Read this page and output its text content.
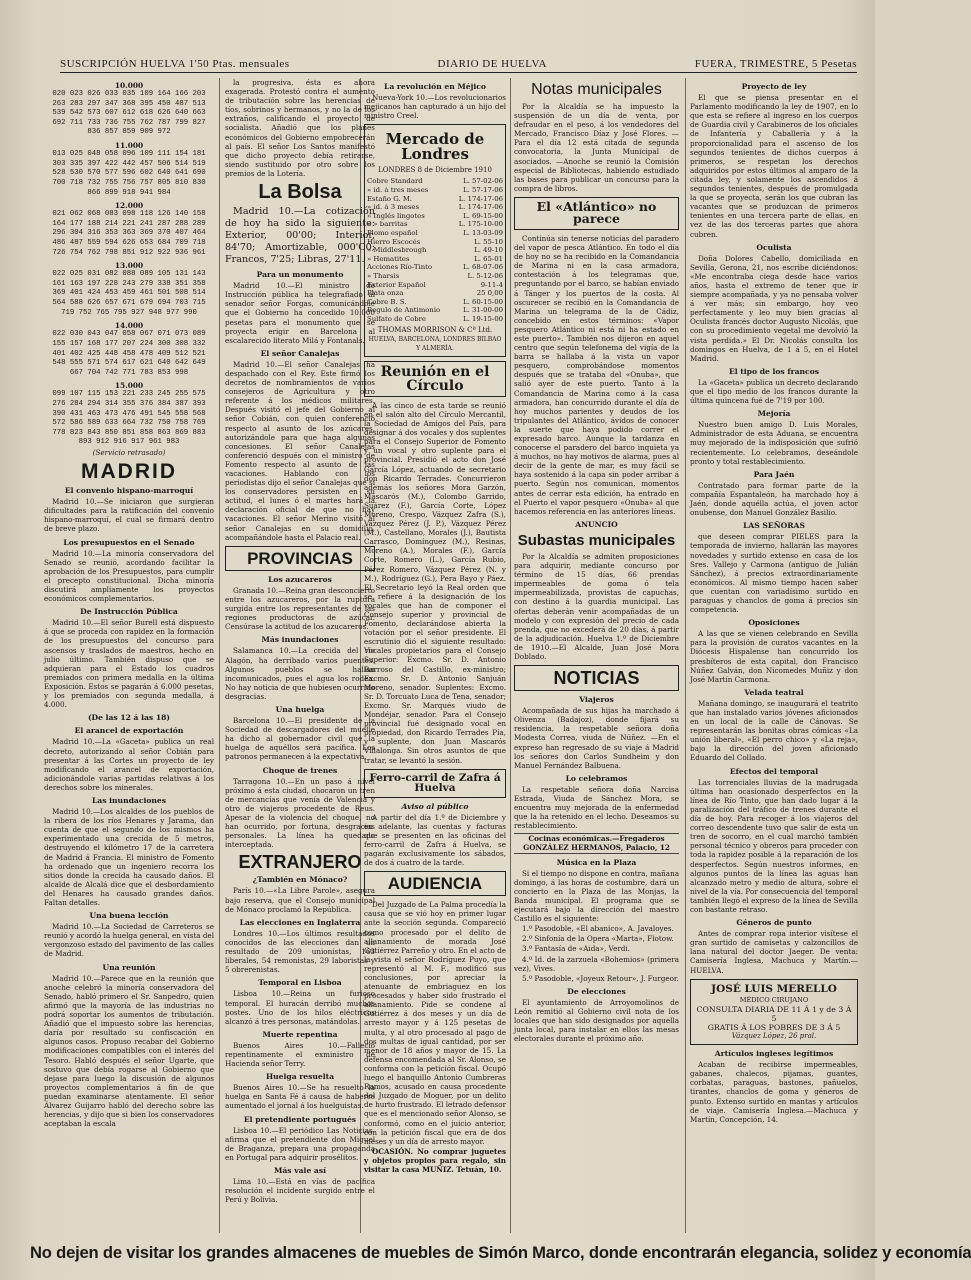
SUSCRIPCIÓN HUELVA 1'50 Ptas. mensuales	DIARIO DE HUELVA	FUERA, TRIMESTRE, 5 Pesetas
10.000
020 023 026 033 035 109 164 166 203
263 283 297 347 368 395 450 487 513
539 542 573 607 612 618 626 640 663
692 711 733 736 755 762 787 799 827
836 857 859 909 972
11.000
013 025 048 058 096 109 111 154 181
303 335 397 422 442 457 506 514 519
528 530 570 577 596 602 640 641 690
700 718 732 755 756 757 805 810 830
866 899 918 941 984
12.000
021 062 068 083 098 118 126 140 158
164 177 188 214 221 241 287 288 289
296 304 316 353 363 369 370 407 464
486 487 559 594 626 653 684 709 718
726 754 762 798 851 912 922 936 961
13.000
022 025 031 082 088 089 105 131 143
161 163 197 228 243 279 338 351 358
369 401 424 453 459 461 501 508 514
564 588 626 657 671 679 694 703 715
719 752 765 795 927 948 977 990
14.000
022 030 043 047 058 067 071 073 089
155 157 168 177 207 224 300 308 332
401 402 425 448 458 478 409 512 521
548 555 571 574 617 621 640 642 649
667 704 742 771 783 853 998
15.000
099 107 115 153 221 233 245 255 575
276 284 294 314 355 376 384 387 393
390 431 463 473 476 491 545 558 568
572 586 589 633 664 732 750 758 769
778 823 843 850 851 858 863 869 883
893 912 916 917 961 983

(Servicio retrasado)

MADRID
El convenio hispano-marroquí

Madrid 10.—Se iniciaron que surgieran dificultades para la ratificación del convenio hispano-marroquí, el cual se firmará dentro de breve plazo.

Los presupuestos en el Senado

Madrid 10.—La minoría conservadora del Senado se reunió, acordando facilitar la aprobación de los Presupuestos, para cumplir el precepto constitucional. Dicha minoría discutirá ampliamente los proyectos económicos complementarios.

De Instrucción Pública

Madrid 10.—El señor Burell está dispuesto á que se proceda con rapidez en la formación de los presupuestos del concurso para ascensos y traslados de maestros, hecho en julio último. También dispuso que se adquieran para el Estado los cuadros premiados con primera medalla en la última Exposición. Estos se pagarán á 6.000 pesetas, y los premiados con segunda medalla, á 4.000.

(De las 12 á las 18)
El arancel de exportación

Madrid 10.—La «Gaceta» publica un real decreto, autorizando al señor Cobián para presentar á las Cortes un proyecto de ley modificando el arancel de exportación, adicionándole varias partidas relativas á los derechos sobre los minerales.

Las inundaciones

Madrid 10.—Los alcaldes de los pueblos de la ribera de los ríos Henares y Jarama, dan cuenta de que el segundo de los mismos ha experimentado una crecida de 5 metros, destruyendo el kilómetro 17 de la carretera de Madrid á Francia. El ministro de Fomento ha ordenado que un ingeniero recorra los sitios donde la crecida ha causado daños. El alcalde de Alcalá dice que el desbordamiento del Henares ha causado grandes daños. Faltan detalles.

Una buena lección

Madrid 10.—La Sociedad de Carreteros se reunió y acordó la huelga general, en vista del vergonzoso estado del pavimento de las calles de Madrid.

Una reunión

Madrid 10.—Parece que en la reunión que anoche celebró la minoría conservadora del Senado, habló primero el Sr. Sanpedro, quien afirmó que la mayoría de las industrias no podrá soportar los aumentos de tributación. Añadió que el impuesto sobre las herencias, daría por resultado su confiscación en algunos casos. Propuso recabar del Gobierno modificaciones compatibles con el interés del Tesoro. Habló después el señor Ugarte, que sostuvo que debía rogarse al Gobierno que dejase para luego la discusión de algunos proyectos complementarios á fin de que puedan examinarse atentamente. El señor Álvarez Guijarro habló del derecho sobre las herencias, y dijo que si bien los conservadores aceptaban la escala

la progresiva, ésta es ahora exagerada. Protestó contra el aumento de tributación sobre las herencias de tíos, sobrinos y hermanos, y no la de los extraños, calificando el proyecto de socialista. Añadió que los planes económicos del Gobierno empobrecerán al país. El señor Los Santos manifestó que dicho proyecto debía retirarse, siendo sustituido por otro sobre los premios de la Lotería.

La Bolsa

Madrid 10.—La cotización de hoy ha sido la siguiente: Exterior, 00'00; Interior, 84'70; Amortizable, 000'C0; Francos, 7'25; Libras, 27'11.

Para un monumento

Madrid 10.—El ministro de Instrucción pública ha telegrafiado al senador señor Forgas, comunicándole que el Gobierno ha concedido 10.000 pesetas para el monumento que se proyecta erigir en Barcelona al escalarecido literato Milá y Fontanals.

El señor Canalejas

Madrid 10.—El señor Canalejas ha despachado con el Rey. Este firmó los decretos de nombramientos de varios consejeros de Agricultura y otro referente á los médicos militares. Después visitó el jefe del Gobierno al señor Cobián, con quien conferenció respecto al asunto de los azúcares, autorizándole para que haga algunas concesiones. El señor Canalejas conferenció después con el ministro de Fomento respecto al asunto de las vacaciones. Hablando con los periodistas dijo el señor Canalejas que si los conservadores persisten en su actitud, el lunes ó el martes hará la declaración oficial de que no hay vacaciones. El señor Merino visitó al señor Canalejas en su domicilio, acompañándole hasta el Palacio real.

PROVINCIAS
Los azucareros

Granada 10.—Reina gran desconcierto entre los azucareros, por la ruptura surgida entre los representantes de las regiones productoras de azúcar. Censúrase la actitud de los azucareros.

Más inundaciones

Salamanca 10.—La crecida del río Alagón, ha derribado varios puentes. Algunos pueblos se hallan incomunicados, pues el agua los rodea. No hay noticia de que hubiesen ocurrido desgracias.

Una huelga

Barcelona 10.—El presidente de la Sociedad de descargadores del muelle ha dicho al gobernador civil que la huelga de aquéllos será pacífica. Los patronos permanecen á la expectativa.

Choque de trenes

Tarragona 10.—En un paso á nivel próximo á esta ciudad, chocaron un tren de mercancías que venía de Valencia y otro de viajeros procedente de Reus. Apesar de la violencia del choque, no han ocurrido, por fortuna, desgracias personales. La línea ha quedado interceptada.

EXTRANJERO
¿También en Mónaco?

París 10.—«La Libre Parole», asegura bajo reserva, que el Consejo municipal de Mónaco proclamó la República.

Las elecciones en Inglaterra

Londres 10.—Los últimos resultados conocidos de las elecciones dan un resultado de 209 unionistas, 163 liberales, 54 remonistas, 29 laboristas y 5 obrerenistas.

Temporal en Lisboa

Lisboa 10.—Reina un furioso temporal. El huracán derribó muchos postes. Uno de los hilos eléctricos alcanzó á tres personas, matándolas.

Muerte repentina

Buenos Aires 10.—Falleció repentinamente el exministro de Hacienda señor Terry.

Huelga resuelta

Buenos Aires 10.—Se ha resuelto la huelga en Santa Fé á causa de haberse aumentado el jornal á los huelguistas.

El pretendiente portugués

Lisboa 10.—El periódico Las Noticias, afirma que el pretendiente don Miguel de Braganza, prepara una propaganda en Portugal para adquirir prosélitos.

Más vale así

Lima 10.—Está en vías de pacífica resolución el incidente surgido entre el Perú y Bolivia.

La revolución en Méjico

Nueva-York 10.—Los revolucionarios mejicanos han capturado á un hijo del ministro Creel.

Mercado de Londres
LONDRES 8 de Diciembre 1910
Cobre Standard	L. 57-02-06
» id. á tres meses	L. 57-17-06
Estaño G. M.	L. 174-17-06
» id. á 3 meses	L. 174-17-06
» Inglés lingotes	L. 69-15-00
» » barritas	L. 175-10-00
Plomo español	L. 13-03-09
Hierro Escocés	L. 55-10
» Middlesbrough	L. 49-10
» Hematites	L. 65-01
Acciones Río-Tinto	L. 68-07-06
» Tharsis	L. 5-12-06
Exterior Español	9-11-4
Plata onza	25 0,00
Cobre B. S.	L. 60-15-00
Regulo de Antimonio	L. 31-00-00
Sulfato de Cobre	L. 19-15-00
THOMAS MORRISON & Cª Ltd.
HUELVA, BARCELONA, LONDRES BILBAO Y ALMERÍA.
Reunión en el Círculo

A las cinco de esta tarde se reunió en el salón alto del Círculo Mercantil, la Sociedad de Amigos del País, para designar á dos vocales y dos suplentes para el Consejo Superior de Fomento y un vocal y otro suplente para el provincial. Presidió el acto don José García López, actuando de secretario don Ricardo Terrades. Concurrieron además los señores Mora Garzón, Mascarós (M.), Colombo Garrido, Suárez (F.), García Corte, López Moreno, Crespo, Vázquez Zafra (S.), Vázquez Pérez (J. P.), Vázquez Pérez (M.), Castellano, Morales (J.), Bautista Carrasco, Domínguez (M.), Resinas, Moreno (A.), Morales (F.), García Corte, Romero (L.), García Rubio, Pérez Romero, Vázquez Pérez (N. y M.), Rodríguez (G.), Pera Bayo y Páez. El Secretario leyó la Real orden que se refiere á la designación de los vocales que han de componer el Consejo superior y provincial de Fomento, declarándose abierta la votación por el señor presidente. El escrutinio dió el siguiente resultado: Vocales propietarios para el Consejo Superior: Excmo. Sr. D. Antonio Barroso del Castillo, ex-ministro; Excmo. Sr. D. Antonio Sanjuán Moreno, senador. Suplentes: Excmo. Sr. D. Torcuato Luca de Tena, senador; Excmo. Sr. Marqués viudo de Mondéjar, senador. Para el Consejo provincial fué designado vocal en propiedad, don Ricardo Terrades Pía, y suplente, don Juan Mascarós Villalonga. Sin otros asuntos de que tratar, se levantó la sesión.

Ferro-carril de Zafra á Huelva
Aviso al público

A partir del día 1.º de Diciembre y en adelante, las cuentas y facturas que se presenten en las oficinas del ferro-carril de Zafra á Huelva, se pagarán exclusivamente los sábados, de dos á cuatro de la tarde.

AUDIENCIA

Del Juzgado de La Palma procedía la causa que se vió hoy en primer lugar ante la sección segunda. Compareció como procesado por el delito de allanamiento de morada José Gutiérrez Parreño y otro. En el acto de la vista el señor Rodríguez Puyo, que representó al M. F., modificó sus conclusiones, por apreciar la atenuante de embriaguez en los procesados y haber sido frustrado el allanamiento. Pide se condene al Gutiérrez á dos meses y un día de arresto mayor y á 125 pesetas de multa, y al otro procesado al pago de dos multas de igual cantidad, por ser menor de 18 años y mayor de 15. La defensa encomendada al Sr. Alonso, se conforma con la petición fiscal. Ocupó luego el banquillo Antonio Cumbreras Ramos, acusado en causa procedente del Juzgado de Moguer, por un delito de hurto frustrado. El letrado defensor que es el mencionado señor Alonso, se conformó, como en el juicio anterior, con la petición fiscal que era de dos meses y un día de arresto mayor.

OCASIÓN. No comprar juguetes y objetos propios para regalo, sin visitar la casa MUÑIZ. Tetuán, 10.

Notas municipales

Por la Alcaldía se ha impuesto la suspensión de un día de venta, por defraudar en el peso, á los vendedores del Mercado, Francisco Díaz y José Flores. —Para el día 12 está citada de segunda convocatoria, la Junta Municipal de asociados. —Anoche se reunió la Comisión especial de Bibliotecas, habiendo estudiado las bases para publicar un concurso para la compra de libros.

El «Atlántico» no parece

Continúa sin tenerse noticias del paradero del vapor de pesca Atlántico. En todo el día de hoy no se ha recibido en la Comandancia de Marina ni en la casa armadora, contestación á los telegramas que, preguntando por el barco, se habían enviado á Tánger y los puertos de la costa. Al oscurecer se recibió en la Comandancia de Marina un telegrama de la de Cádiz, concebido en estos términos: «Vapor pesquero Atlántico ni está ni ha estado en este puerto». También nos dijeron en aquel centro que según telefonema del vigía de la barra se hallaba á la vista un vapor pesquero, comprobándose momentos después que se trataba del «Onuba», que salió ayer de este puerto. Tanto á la Comandancia de Marina como á la casa armadora, han concurrido durante el día de hoy muchos parientes y deudos de los tripulantes del Atlántico, ávidos de conocer la suerte que haya podido correr el expresado barco. Aunque la tardanza en conocerse el paradero del barco inquieta ya á muchos, no hay motivos de alarma, pues al decir de la gente de mar, es muy fácil se haya sostenido á la capa sin poder arribar á puerto. Según nos comunican, momentos antes de cerrar esta edición, ha entrado en el Puerto el vapor pesquero «Onuba» al que hacemos referencia en las anteriores líneas.

ANUNCIO
Subastas municipales

Por la Alcaldía se admiten proposiciones para adquirir, mediante concurso por término de 15 días, 66 prendas impermeables de goma ó tela impermeabilizada, provistas de capuchas, con destino á la guardia municipal. Las ofertas deberán venir acompañadas de un modelo y con expresión del precio de cada prenda, que no excederá de 20 días, á partir de la adjudicación. Huelva 1.º de Diciembre de 1910.—El Alcalde, Juan José Mora Doblado.

NOTICIAS
Viajeros

Acompañada de sus hijas ha marchado á Olivenza (Badajoz), donde fijará su residencia, la respetable señora doña Modesta Correa, viuda de Núñez. —En el expreso han regresado de su viaje á Madrid los señores don Carlos Sundheim y don Manuel Fernández Balbuena.

Lo celebramos

La respetable señora doña Narcisa Estrada, Viuda de Sánchez Mora, se encuentra muy mejorada de la enfermedad que la ha retenido en el lecho. Deseamos su restablecimiento.

Cocinas económicas.—Fregaderos GONZÁLEZ HERMANOS, Palacio, 12

Música en la Plaza

Si el tiempo no dispone en contra, mañana domingo, á las horas de costumbre, dará un concierto en la Plaza de las Monjas, la Banda municipal. El programa que se ejecutará bajo la dirección del maestro Castillo es el siguiente:

1.º Pasodoble, «El abanico», A. Javaloyes.

2.º Sinfonía de la Opera «Marta», Flotow.

3.º Fantasía de «Aida», Verdi.

4.º Id. de la zarzuela «Bohemios» (primera vez), Vives.

5.º Pasodoble, «Joyeux Retour», J. Furgeor.

De elecciones

El ayuntamiento de Arroyomolinos de León remitió al Gobierno civil nota de los locales que han sido designados por aquella junta local, para instalar en ellos las mesas electorales durante el próximo año.

Proyecto de ley

El que se piensa presentar en el Parlamento modificando la ley de 1907, en lo que esta se refiere al ingreso en los cuerpos de Guardia civil y Carabineros de los oficiales de Infantería y Caballería y á la proporcionalidad para el ascenso de los segundos tenientes de dichos cuerpos á primeros, se respetan los derechos adquiridos por estos últimos al amparo de la citada ley, y solamente los ascendidos á segundos tenientes, después de promulgada la que se proyecta, serán los que cubran las vacantes que se produzcan de primeros tenientes en una tercera parte de ellas, en vez de las dos terceras partes que ahora cubren.

Oculista

Doña Dolores Cabello, domiciliada en Sevilla, Gerona, 21, nos escribe diciéndonos: «Me encontraba ciega desde hace varios años, hasta el extremo de tener que ir siempre acompañada, y ya no pensaba volver á ver más; sin embargo, hoy veo perfectamente y leo muy bien gracias al Oculista francés doctor Augusto Nicolás, que con su procedimiento vegetal me devolvió la vista perdida.» El Dr. Nicolás consulta los domingos en Huelva, de 1 á 5, en el Hotel Madrid.

El tipo de los francos

La «Gaceta» publica un decreto declarando que el tipo medio de los francos durante la última quincena fué de 7'19 por 100.

Mejoría

Nuestro buen amigo D. Luis Morales, Administrador de esta Aduana, se encuentra muy mejorado de la indisposición que sufrió recientemente. Lo celebramos, deseándole pronto y total restablecimiento.

Para Jaén

Contratado para formar parte de la compañía Espantaleón, ha marchado hoy á Jaén, donde aquélla actúa, el joven actor onubense, don Manuel González Basilio.

LAS SEÑORAS

que deseen comprar PIELES para la temporada de invierno, hallarán las mayores novedades y surtido extenso en casa de los Sres. Vallejo y Carmona (antiguo de Julián Sánchez), á precios extraordinariamente económicos. Al mismo tiempo hacen saber que cuentan con variadísimo surtido en paraguas y chanclos de goma á precios sin competencia.

Oposiciones

A las que se vienen celebrando en Sevilla para la provisión de curatos vacantes en la Diócesis Hispalense han concurrido los presbíteros de esta capital, don Francisco Núñez Galván, don Nicomedes Muñiz y don José Martín Carmona.

Velada teatral

Mañana domingo, se inaugurará el teatrito que han instalado varios jóvenes aficionados en un local de la calle de Cánovas. Se representarán las bonitas obras cómicas «La unión liberal», «El perro chico» y «La reja», bajo la dirección del joven aficionado Eduardo del Collado.

Efectos del temporal

Las torrenciales lluvias de la madrugada última han ocasionado desperfectos en la línea de Río Tinto, que han dado lugar á la paralización del tráfico de trenes durante el día de hoy. Para recoger á los viajeros del correo descendente tuvo que salir de esta un tren de socorro, en el cual marchó también personal técnico y obreros para proceder con toda la rapidez posible á la reparación de los desperfectos. Según nuestros informes, en algunos puntos de la línea las aguas han alcanzado metro y medio de altura, sobre el nivel de la vía. Por consecuencia del temporal también llegó el expreso de la línea de Sevilla con bastante retraso.

Géneros de punto

Antes de comprar ropa interior visítese el gran surtido de camisetas y calzoncillos de lana natural del doctor Jaeger. De venta: Camisería Inglesa, Machuca y Martín.—HUELVA.

JOSÉ LUIS MERELLO
MÉDICO CIRUJANO
CONSULTA DIARIA DE 11 Á 1 y de 3 Á 5
GRATIS Á LOS POBRES DE 3 Á 5
Vázquez López, 26 pral.
Artículos ingleses legítimos

Acaban de recibirse impermeables, gabanes, chalecos, pijamas, guantes, corbatas, paraguas, bastones, pañuelos, tirantes, chanclos de goma y géneros de punto. Extenso surtido en mantas y artículos de viaje. Camisería Inglesa.—Machuca y Martín, Concepción, 14.

No dejen de visitar los grandes almacenes de muebles de Simón Marco, donde encontrarán elegancia, solidez y economía
